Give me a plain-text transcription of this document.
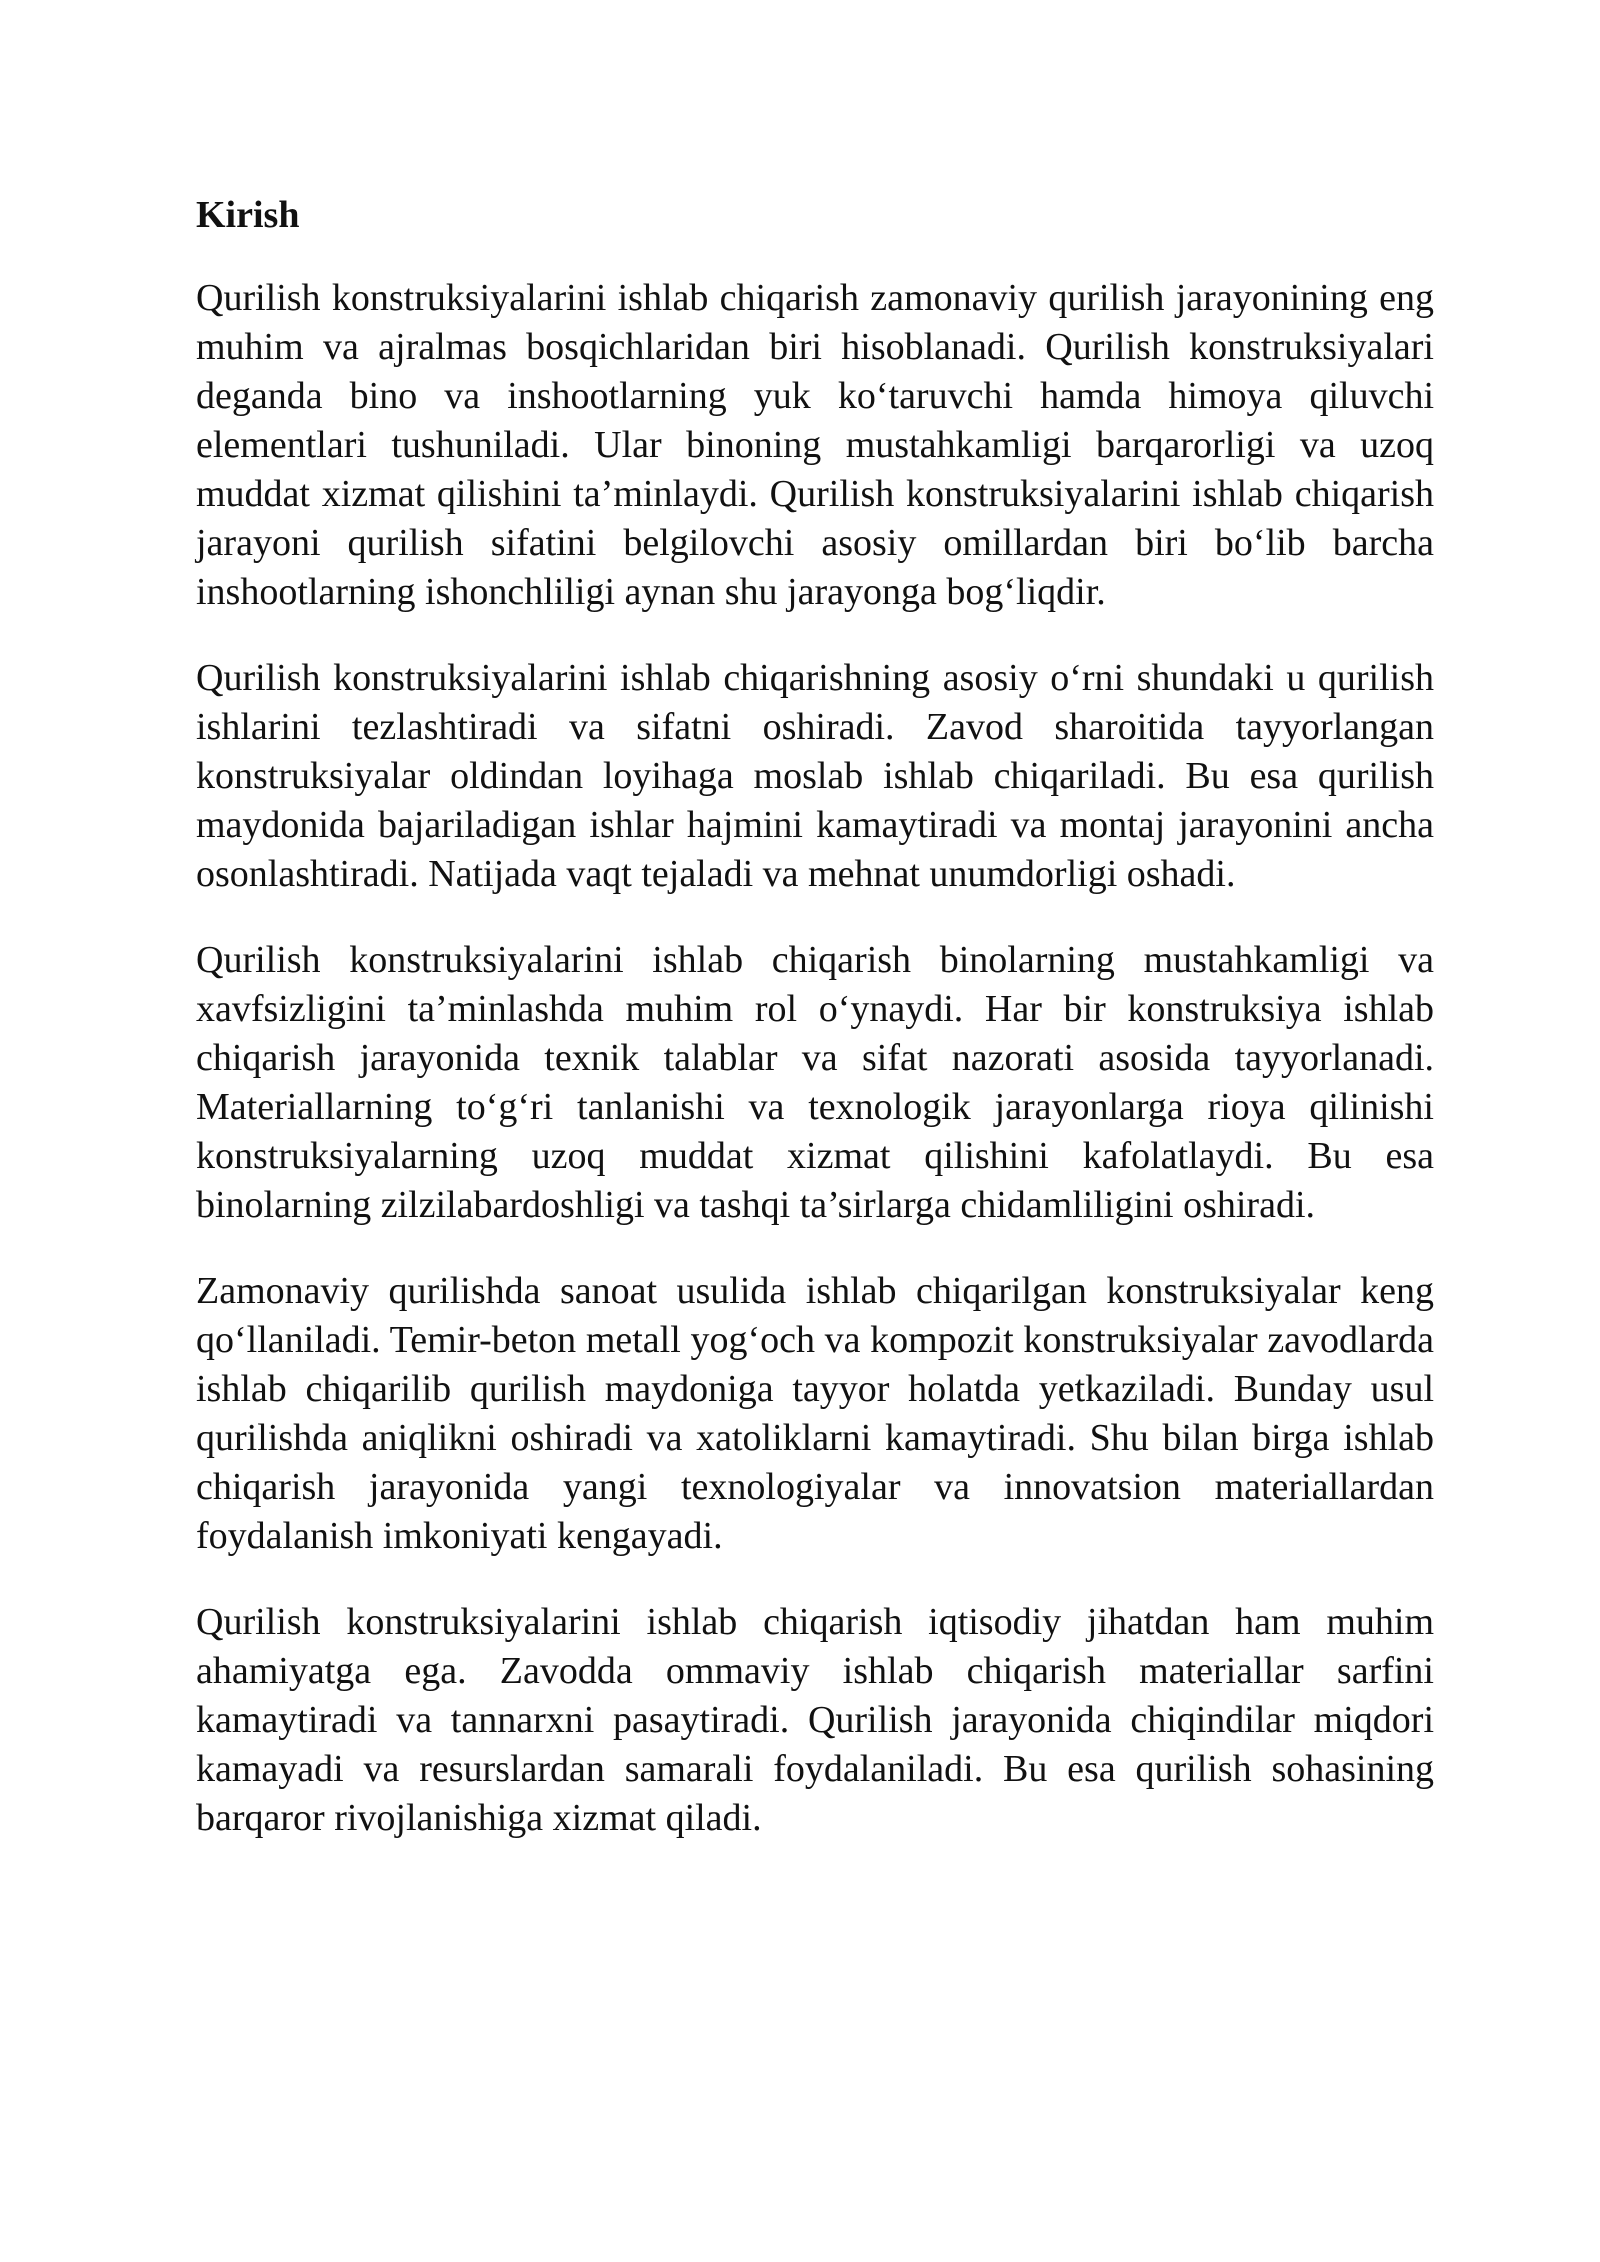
Kirish

Qurilish konstruksiyalarini ishlab chiqarish zamonaviy qurilish jarayonining eng muhim va ajralmas bosqichlaridan biri hisoblanadi. Qurilish konstruksiyalari deganda bino va inshootlarning yuk ko‘taruvchi hamda himoya qiluvchi elementlari tushuniladi. Ular binoning mustahkamligi barqarorligi va uzoq muddat xizmat qilishini ta’minlaydi. Qurilish konstruksiyalarini ishlab chiqarish jarayoni qurilish sifatini belgilovchi asosiy omillardan biri bo‘lib barcha inshootlarning ishonchliligi aynan shu jarayonga bog‘liqdir.

Qurilish konstruksiyalarini ishlab chiqarishning asosiy o‘rni shundaki u qurilish ishlarini tezlashtiradi va sifatni oshiradi. Zavod sharoitida tayyorlangan konstruksiyalar oldindan loyihaga moslab ishlab chiqariladi. Bu esa qurilish maydonida bajariladigan ishlar hajmini kamaytiradi va montaj jarayonini ancha osonlashtiradi. Natijada vaqt tejaladi va mehnat unumdorligi oshadi.

Qurilish konstruksiyalarini ishlab chiqarish binolarning mustahkamligi va xavfsizligini ta’minlashda muhim rol o‘ynaydi. Har bir konstruksiya ishlab chiqarish jarayonida texnik talablar va sifat nazorati asosida tayyorlanadi. Materiallarning to‘g‘ri tanlanishi va texnologik jarayonlarga rioya qilinishi konstruksiyalarning uzoq muddat xizmat qilishini kafolatlaydi. Bu esa binolarning zilzilabardoshligi va tashqi ta’sirlarga chidamliligini oshiradi.

Zamonaviy qurilishda sanoat usulida ishlab chiqarilgan konstruksiyalar keng qo‘llaniladi. Temir-beton metall yog‘och va kompozit konstruksiyalar zavodlarda ishlab chiqarilib qurilish maydoniga tayyor holatda yetkaziladi. Bunday usul qurilishda aniqlikni oshiradi va xatoliklarni kamaytiradi. Shu bilan birga ishlab chiqarish jarayonida yangi texnologiyalar va innovatsion materiallardan foydalanish imkoniyati kengayadi.

Qurilish konstruksiyalarini ishlab chiqarish iqtisodiy jihatdan ham muhim ahamiyatga ega. Zavodda ommaviy ishlab chiqarish materiallar sarfini kamaytiradi va tannarxni pasaytiradi. Qurilish jarayonida chiqindilar miqdori kamayadi va resurslardan samarali foydalaniladi. Bu esa qurilish sohasining barqaror rivojlanishiga xizmat qiladi.
